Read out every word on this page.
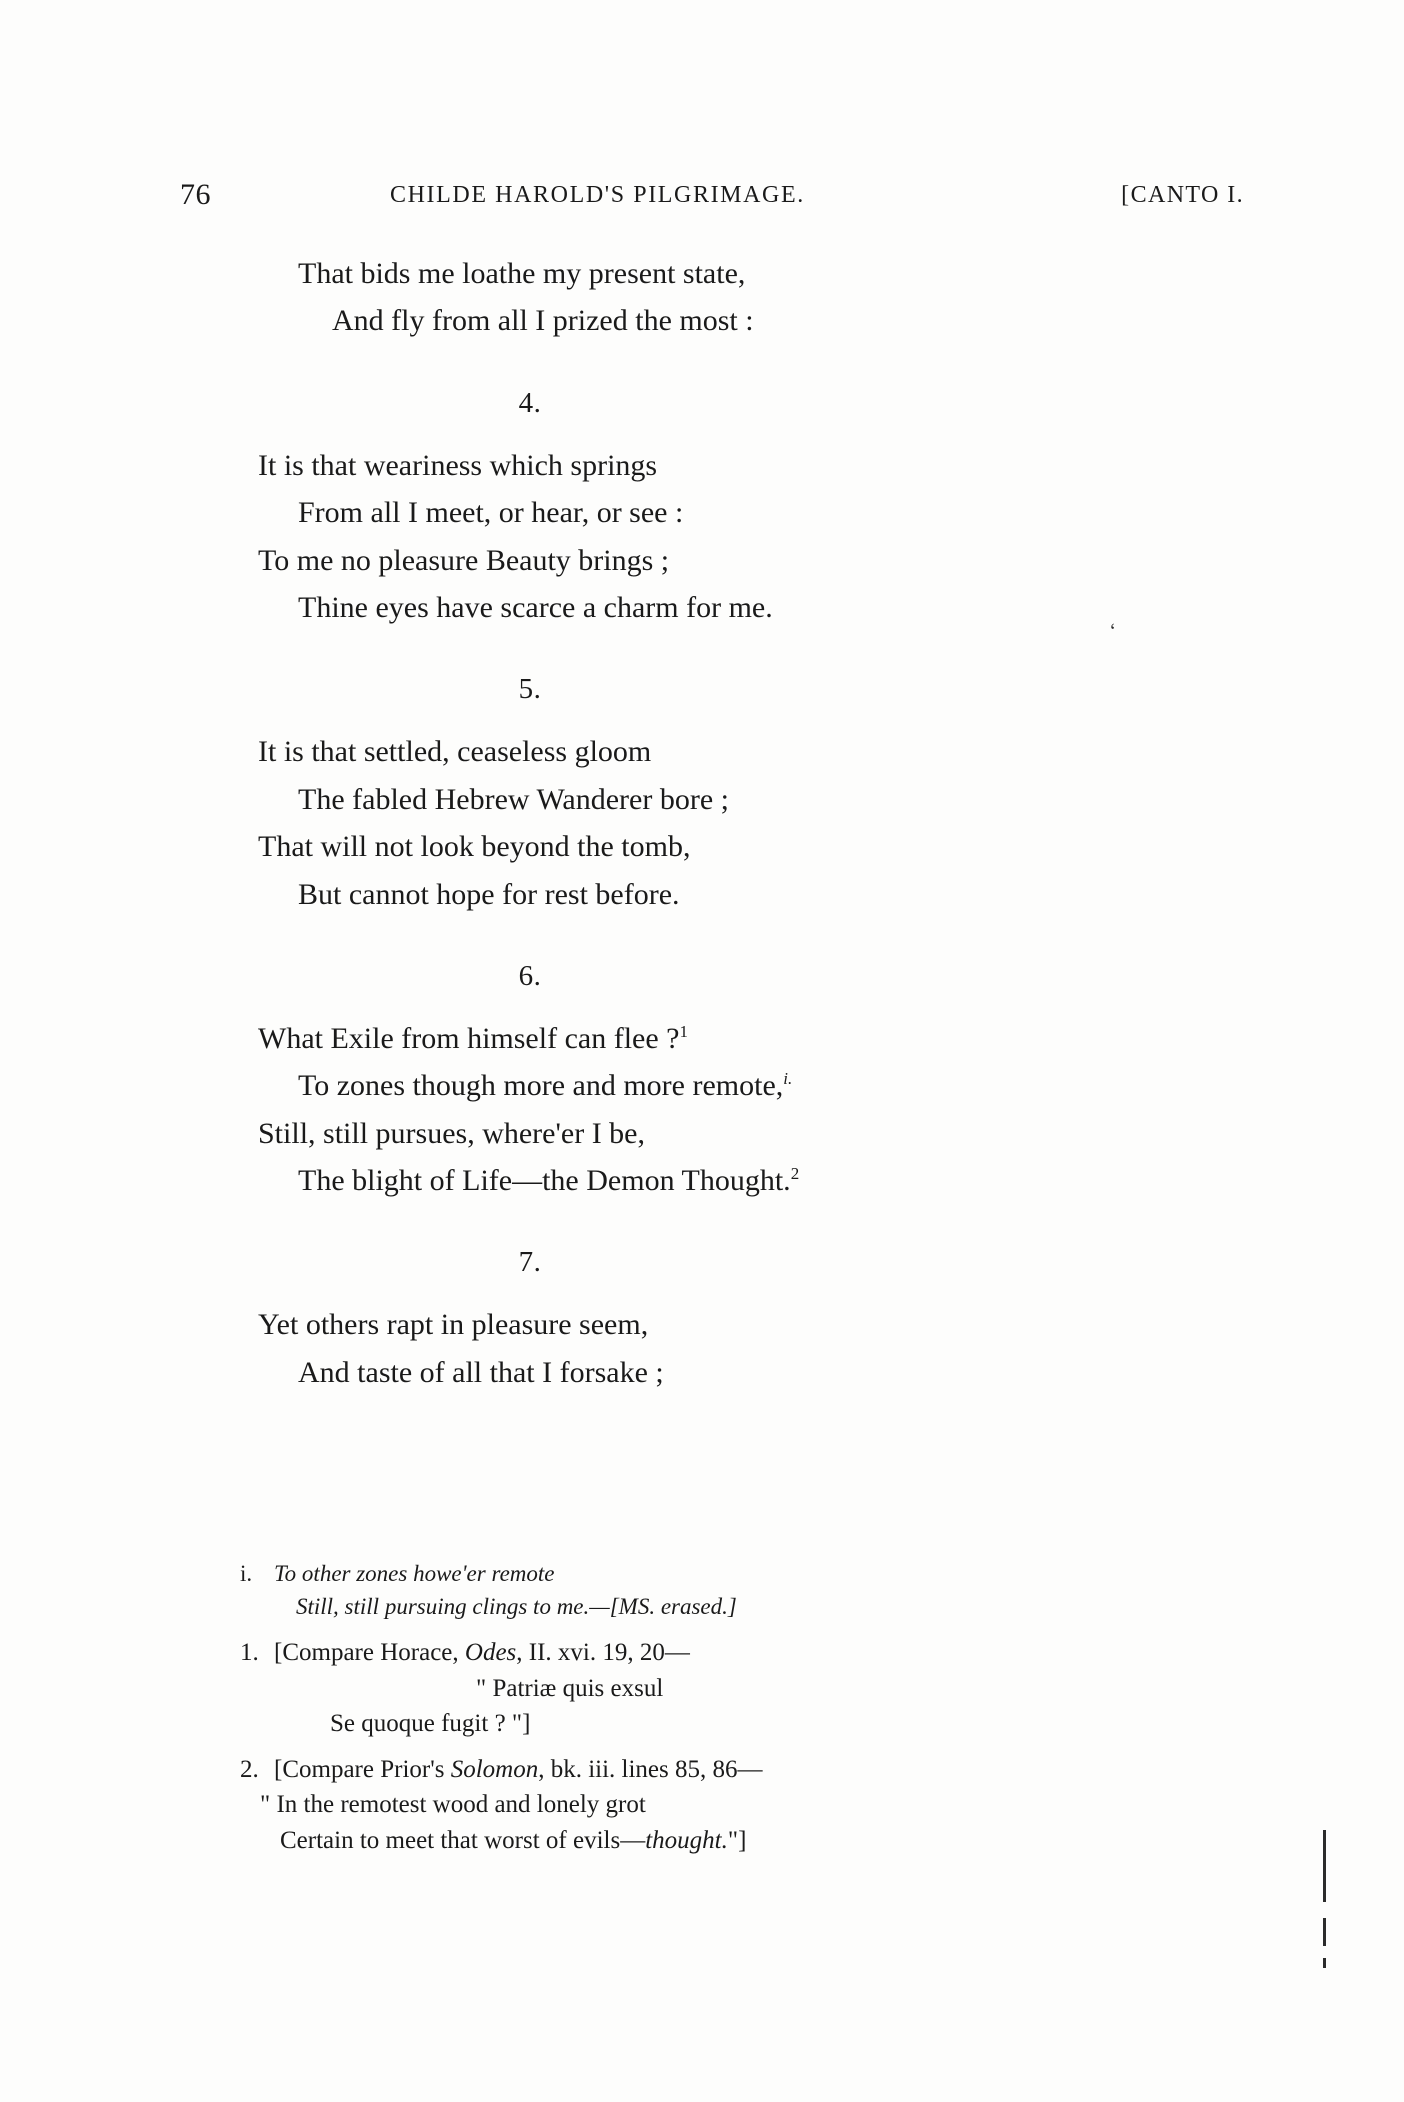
76	CHILDE HAROLD'S PILGRIMAGE.	[CANTO I.
That bids me loathe my present state,
And fly from all I prized the most :
4.
It is that weariness which springs
From all I meet, or hear, or see :
To me no pleasure Beauty brings ;
Thine eyes have scarce a charm for me.
5.
It is that settled, ceaseless gloom
The fabled Hebrew Wanderer bore ;
That will not look beyond the tomb,
But cannot hope for rest before.
6.
What Exile from himself can flee ?$^1$
To zones though more and more remote,$^{i.}$
Still, still pursues, where'er I be,
The blight of Life—the Demon Thought.$^2$
7.
Yet others rapt in pleasure seem,
And taste of all that I forsake ;
ʻ
i. To other zones howe'er remote
Still, still pursuing clings to me.—[MS. erased.]
1. [Compare Horace, Odes, II. xvi. 19, 20—
" Patriæ quis exsul
Se quoque fugit ? "]
2. [Compare Prior's Solomon, bk. iii. lines 85, 86—
" In the remotest wood and lonely grot
Certain to meet that worst of evils—thought."]
